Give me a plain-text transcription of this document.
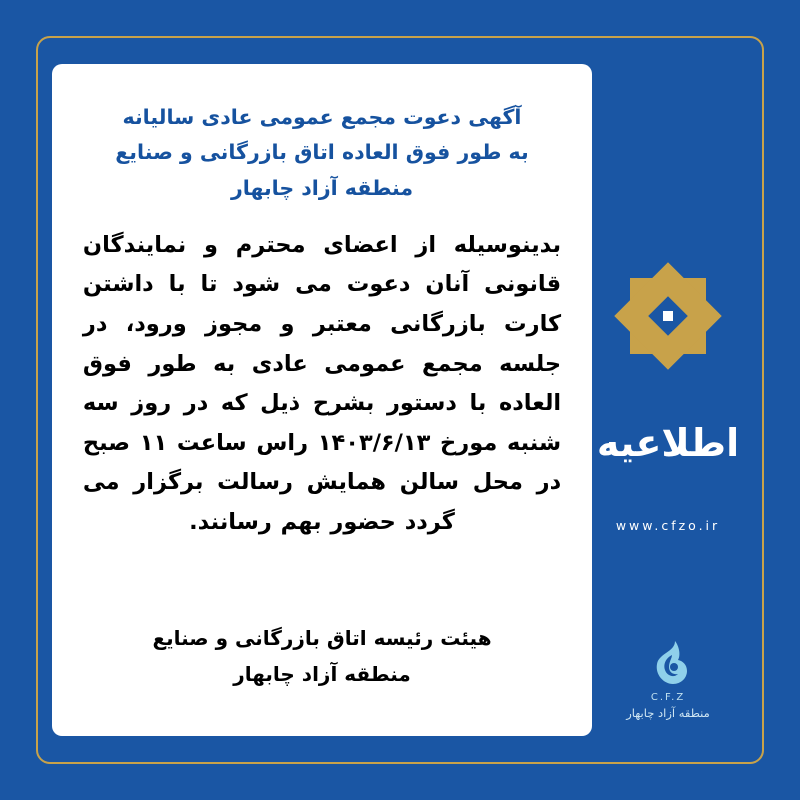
آگهی دعوت مجمع عمومی عادی سالیانه
به طور فوق العاده اتاق بازرگانی و صنایع
منطقه آزاد چابهار
بدینوسیله از اعضای محترم و نمایندگان قانونی آنان دعوت می شود تا با داشتن کارت بازرگانی معتبر و مجوز ورود، در جلسه مجمع عمومی عادی به طور فوق العاده با دستور بشرح ذیل که در روز سه شنبه مورخ ۱۴۰۳/۶/۱۳ راس ساعت ۱۱ صبح در محل سالن همایش رسالت برگزار می گردد حضور بهم رسانند.
هیئت رئیسه اتاق بازرگانی و صنایع
منطقه آزاد چابهار
اطلاعیه
www.cfzo.ir
C.F.Z
منطقه آزاد چابهار
